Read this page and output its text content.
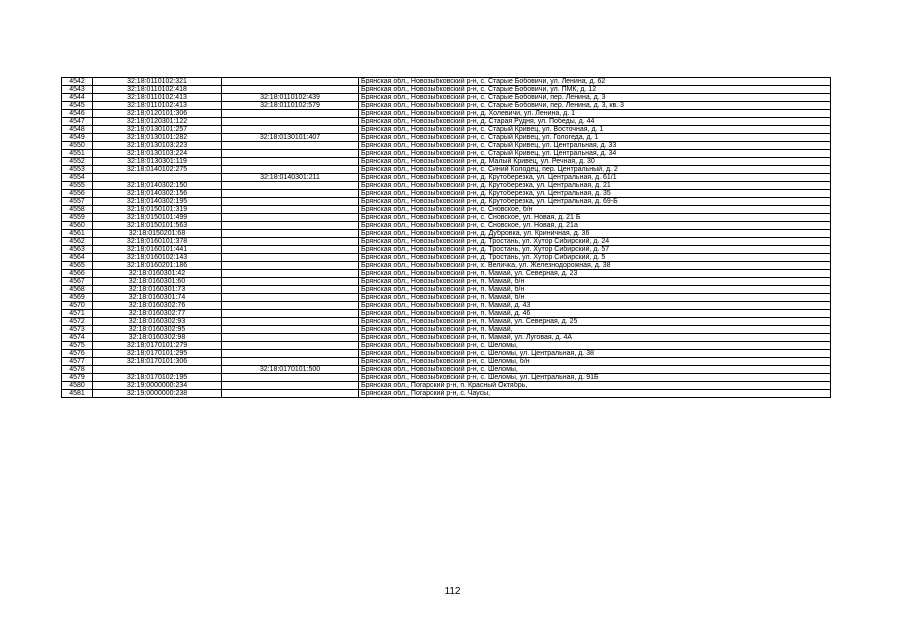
4542	32:18:0110102:321		Брянская обл., Новозыбковский р-н, с. Старые Бобовичи, ул. Ленина, д. 62
4543	32:18:0110102:418		Брянская обл., Новозыбковский р-н, с. Старые Бобовичи, ул. ПМК, д. 12
4544	32:18:0110102:413	32:18:0110102:439	Брянская обл., Новозыбковский р-н, с. Старые Бобовичи, пер. Ленина, д. 3
4545	32:18:0110102:413	32:18:0110102:579	Брянская обл., Новозыбковский р-н, с. Старые Бобовичи, пер. Ленина, д. 3, кв. 3
4546	32:18:0120101:306		Брянская обл., Новозыбковский р-н, д. Холевичи, ул. Ленина, д. 1
4547	32:18:0120301:122		Брянская обл., Новозыбковский р-н, д. Старая Рудня, ул. Победы, д. 44
4548	32:18:0130101:257		Брянская обл., Новозыбковский р-н, с. Старый Кривец, ул. Восточная, д. 1
4549	32:18:0130101:282	32:18:0130101:407	Брянская обл., Новозыбковский р-н, с. Старый Кривец, ул. Гологеда, д. 1
4550	32:18:0130103:223		Брянская обл., Новозыбковский р-н, с. Старый Кривец, ул. Центральная, д. 33
4551	32:18:0130103:224		Брянская обл., Новозыбковский р-н, с. Старый Кривец, ул. Центральная, д. 34
4552	32:18:0130301:119		Брянская обл., Новозыбковский р-н, д. Малый Кривец, ул. Речная, д. 30
4553	32:18:0140102:275		Брянская обл., Новозыбковский р-н, с. Синий Колодец, пер. Центральный, д. 2
4554		32:18:0140301:211	Брянская обл., Новозыбковский р-н, д. Крутоберезка, ул. Центральная, д. 61/1
4555	32:18:0140302:150		Брянская обл., Новозыбковский р-н, д. Крутоберезка, ул. Центральная, д. 21
4556	32:18:0140302:156		Брянская обл., Новозыбковский р-н, д. Крутоберезка, ул. Центральная, д. 35
4557	32:18:0140302:195		Брянская обл., Новозыбковский р-н, д. Крутоберезка, ул. Центральная, д. 69-Б
4558	32:18:0150101:319		Брянская обл., Новозыбковский р-н, с. Сновское, б/н
4559	32:18:0150101:499		Брянская обл., Новозыбковский р-н, с. Сновское, ул. Новая, д. 21 Б
4560	32:18:0150101:563		Брянская обл., Новозыбковский р-н, с. Сновское, ул. Новая, д. 21а
4561	32:18:0150201:68		Брянская обл., Новозыбковский р-н, д. Дубровка, ул. Криничная, д. 36
4562	32:18:0160101:378		Брянская обл., Новозыбковский р-н, д. Тростань, ул. Хутор Сибирский, д. 24
4563	32:18:0160101:441		Брянская обл., Новозыбковский р-н, д. Тростань, ул. Хутор Сибирский, д. 57
4564	32:18:0160102:143		Брянская обл., Новозыбковский р-н, д. Тростань, ул. Хутор Сибирский, д. 5
4565	32:18:0160201:186		Брянская обл., Новозыбковский р-н, х. Величка, ул. Железнодорожная, д. 38
4566	32:18:0160301:42		Брянская обл., Новозыбковский р-н, п. Мамай, ул. Северная, д. 23
4567	32:18:0160301:60		Брянская обл., Новозыбковский р-н, п. Мамай, б/н
4568	32:18:0160301:73		Брянская обл., Новозыбковский р-н, п. Мамай, б/н
4569	32:18:0160301:74		Брянская обл., Новозыбковский р-н, п. Мамай, б/н
4570	32:18:0160302:76		Брянская обл., Новозыбковский р-н, п. Мамай, д. 43
4571	32:18:0160302:77		Брянская обл., Новозыбковский р-н, п. Мамай, д. 46
4572	32:18:0160302:93		Брянская обл., Новозыбковский р-н, п. Мамай, ул. Северная, д. 25
4573	32:18:0160302:95		Брянская обл., Новозыбковский р-н, п. Мамай,
4574	32:18:0160302:98		Брянская обл., Новозыбковский р-н, п. Мамай, ул. Луговая, д. 4А
4575	32:18:0170101:279		Брянская обл., Новозыбковский р-н, с. Шеломы,
4576	32:18:0170101:295		Брянская обл., Новозыбковский р-н, с. Шеломы, ул. Центральная, д. 38
4577	32:18:0170101:306		Брянская обл., Новозыбковский р-н, с. Шеломы, б/н
4578		32:18:0170101:500	Брянская обл., Новозыбковский р-н, с. Шеломы,
4579	32:18:0170102:195		Брянская обл., Новозыбковский р-н, с. Шеломы, ул. Центральная, д. 91Б
4580	32:19:0000000:234		Брянская обл., Погарский р-н, п. Красный Октябрь,
4581	32:19:0000000:238		Брянская обл., Погарский р-н, с. Чаусы,
112
